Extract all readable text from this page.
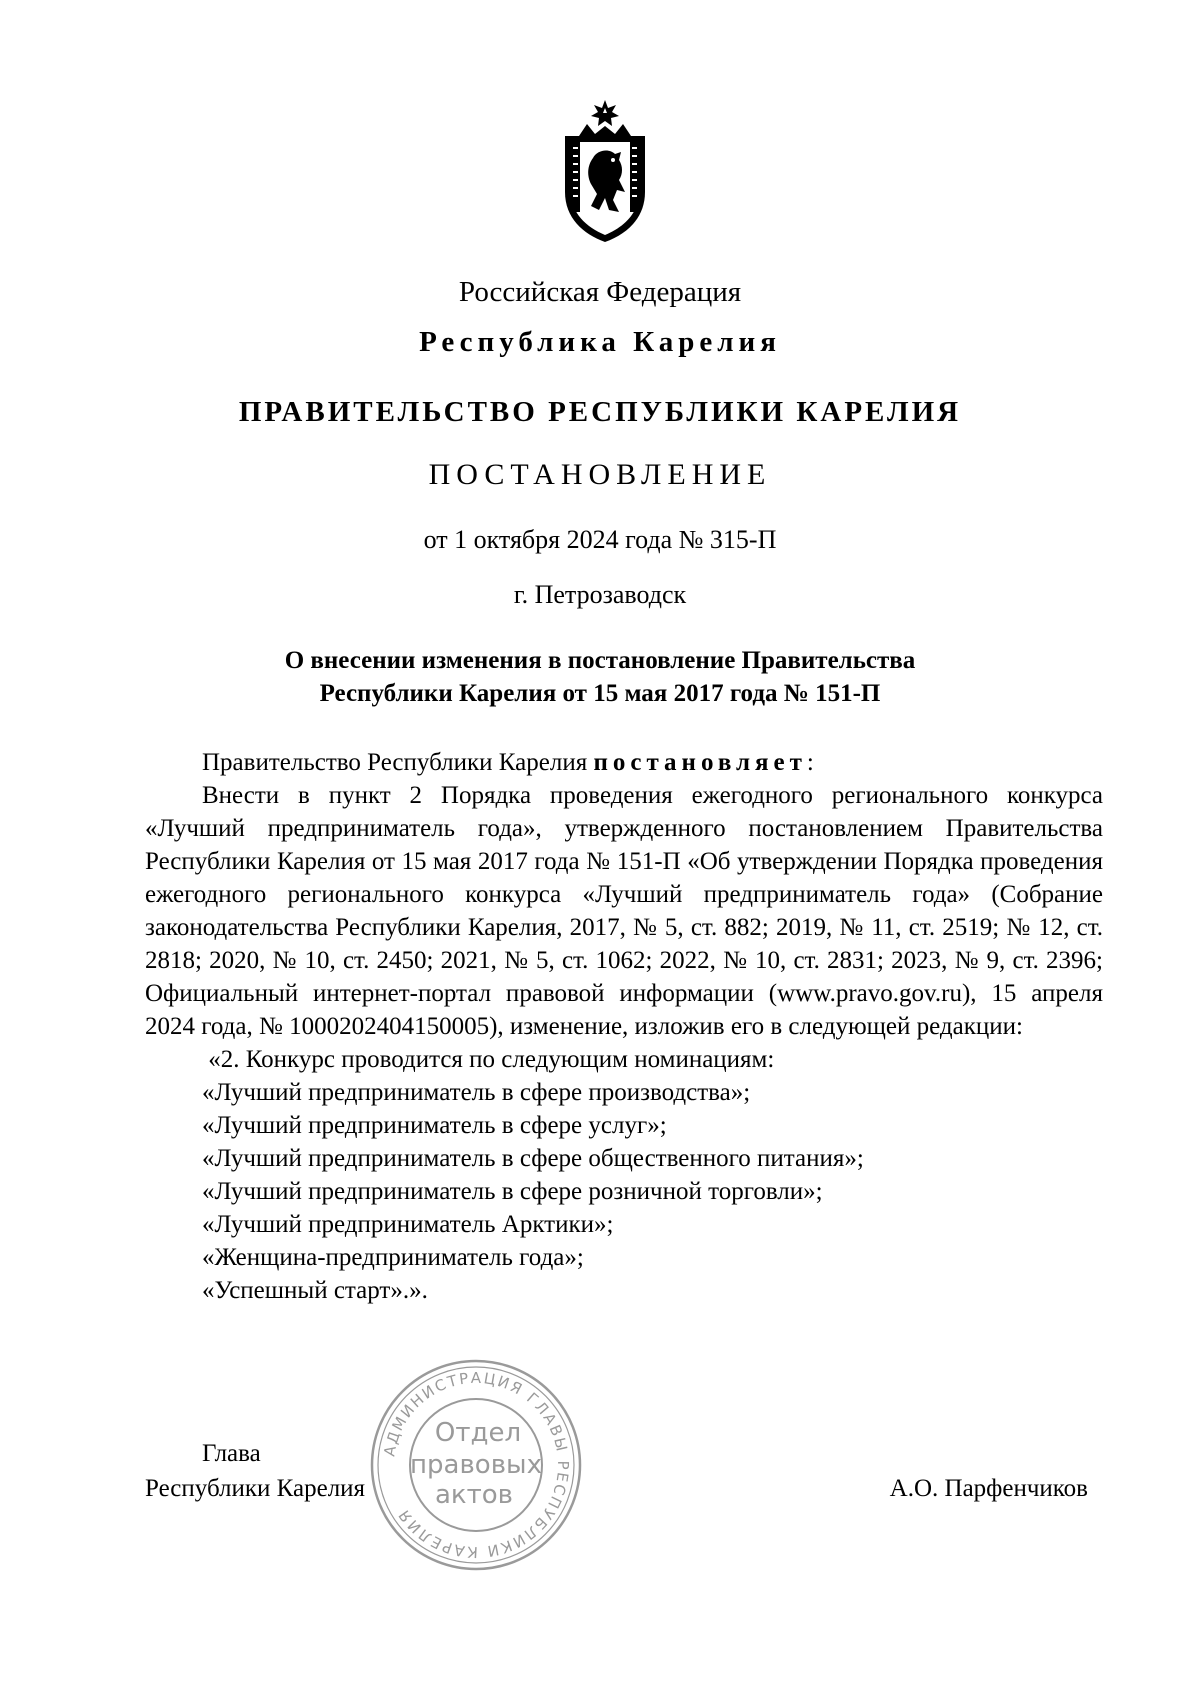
Российская Федерация
Республика Карелия
ПРАВИТЕЛЬСТВО РЕСПУБЛИКИ КАРЕЛИЯ
ПОСТАНОВЛЕНИЕ
от 1 октября 2024 года № 315-П
г. Петрозаводск
О внесении изменения в постановление Правительства
Республики Карелия от 15 мая 2017 года № 151-П

Правительство Республики Карелия постановляет:

Внести в пункт 2 Порядка проведения ежегодного регионального конкурса «Лучший предприниматель года», утвержденного постановлением Правительства Республики Карелия от 15 мая 2017 года № 151-П «Об утверждении Порядка проведения ежегодного регионального конкурса «Лучший предприниматель года» (Собрание законодательства Республики Карелия, 2017, № 5, ст. 882; 2019, № 11, ст. 2519; № 12, ст. 2818; 2020, № 10, ст. 2450; 2021, № 5, ст. 1062; 2022, № 10, ст. 2831; 2023, № 9, ст. 2396; Официальный интернет-портал правовой информации (www.pravo.gov.ru), 15 апреля 2024 года, № 1000202404150005), изменение, изложив его в следующей редакции:

«2. Конкурс проводится по следующим номинациям:

«Лучший предприниматель в сфере производства»;

«Лучший предприниматель в сфере услуг»;

«Лучший предприниматель в сфере общественного питания»;

«Лучший предприниматель в сфере розничной торговли»;

«Лучший предприниматель Арктики»;

«Женщина-предприниматель года»;

«Успешный старт».».

Глава
Республики Карелия	А.О. Парфенчиков
АДМИНИСТРАЦИЯ ГЛАВЫ РЕСПУБЛИКИ КАРЕЛИЯ
Отдел
правовых
актов
